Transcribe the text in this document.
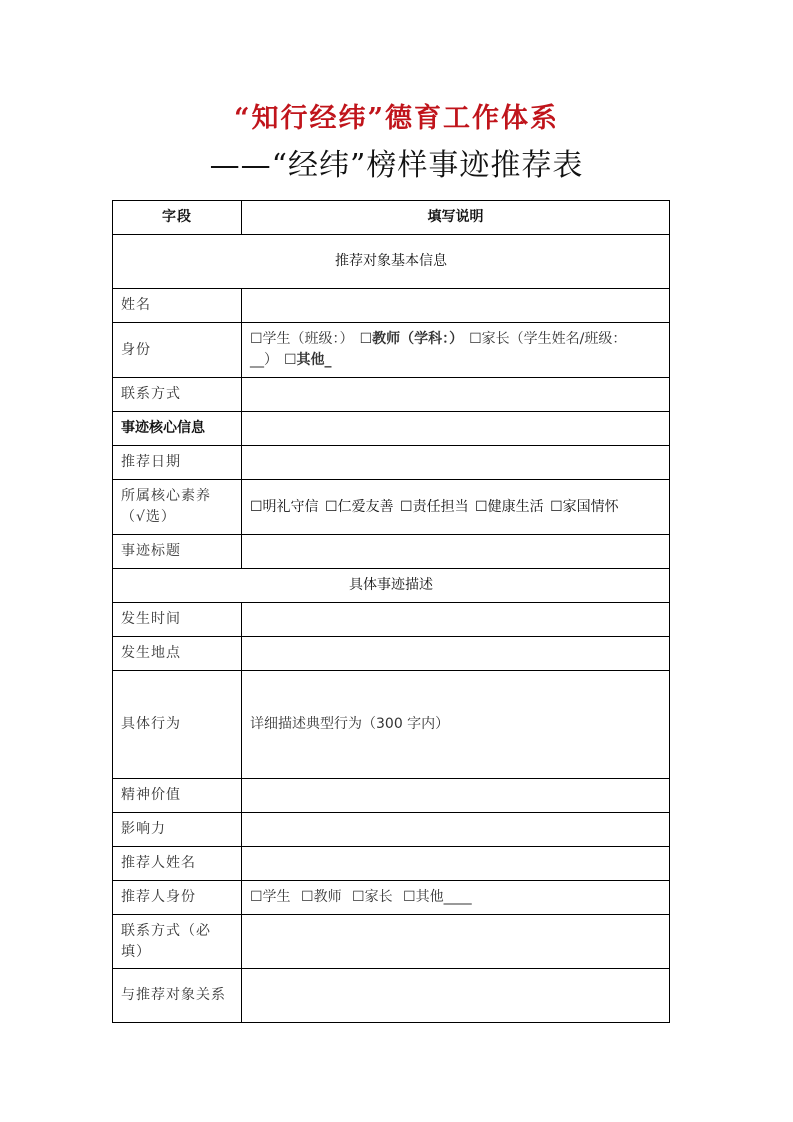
“知行经纬”德育工作体系
——“经纬”榜样事迹推荐表
字段	填写说明
推荐对象基本信息	
姓名	
身份	☐学生（班级：） ☐教师（学科：） ☐家长（学生姓名/班级：
__） ☐其他_
联系方式	
事迹核心信息	
推荐日期	
所属核心素养（√选）	☐明礼守信 ☐仁爱友善 ☐责任担当 ☐健康生活 ☐家国情怀
事迹标题	
具体事迹描述	
发生时间	
发生地点	
具体行为	详细描述典型行为（300 字内）
精神价值	
影响力	
推荐人姓名	
推荐人身份	☐学生 ☐教师 ☐家长 ☐其他____
联系方式（必填）	
与推荐对象关系	
